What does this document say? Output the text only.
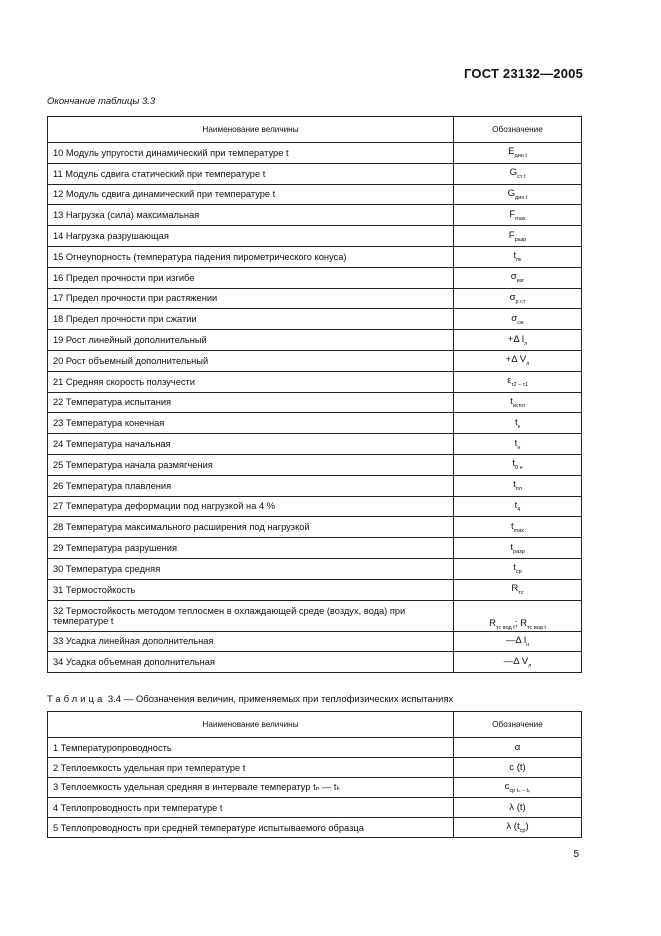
ГОСТ 23132—2005
Окончание таблицы 3.3
Наименование величины	Обозначение
10 Модуль упругости динамический при температуре t	$E_{дин t}$
11 Модуль сдвига статический при температуре t	$G_{ст t}$
12 Модуль сдвига динамический при температуре t	$G_{дин t}$
13 Нагрузка (сила) максимальная	$F_{max}$
14 Нагрузка разрушающая	$F_{разр}$
15 Огнеупорность (температура падения пирометрического конуса)	$t_{пк}$
16 Предел прочности при изгибе	$\sigma_{изг}$
17 Предел прочности при растяжении	$\sigma_{р ст}$
18 Предел прочности при сжатии	$\sigma_{сж}$
19 Рост линейный дополнительный	+Δ $l_л$
20 Рост объемный дополнительный	+Δ $V_л$
21 Средняя скорость ползучести	$\varepsilon_{\tau 2 - \tau 1}$
22 Температура испытания	$t_{испл}$
23 Температура конечная	$t_к$
24 Температура начальная	$t_н$
25 Температура начала размягчения	$t_{0 н}$
26 Температура плавления	$t_{пл}$
27 Температура деформации под нагрузкой на 4 %	$t_4$
28 Температура максимального расширения под нагрузкой	$t_{max}$
29 Температура разрушения	$t_{разр}$
30 Температура средняя	$t_{ср}$
31 Термостойкость	$R_{тс}$
32 Термостойкость методом теплосмен в охлаждающей среде (воздух, вода) при температуре t	$R_{тс вод t}$; $R_{тс вод t}$
33 Усадка линейная дополнительная	—Δ $l_н$
34 Усадка объемная дополнительная	—Δ $V_л$
Таблица 3.4 — Обозначения величин, применяемых при теплофизических испытаниях
Наименование величины	Обозначение
1 Температуропроводность	α
2 Теплоемкость удельная при температуре t	c (t)
3 Теплоемкость удельная средняя в интервале температур tₙ — tₖ	$c_{ср t_n - t_k}$
4 Теплопроводность при температуре t	λ (t)
5 Теплопроводность при средней температуре испытываемого образца	λ $(t_{ср})$
5
